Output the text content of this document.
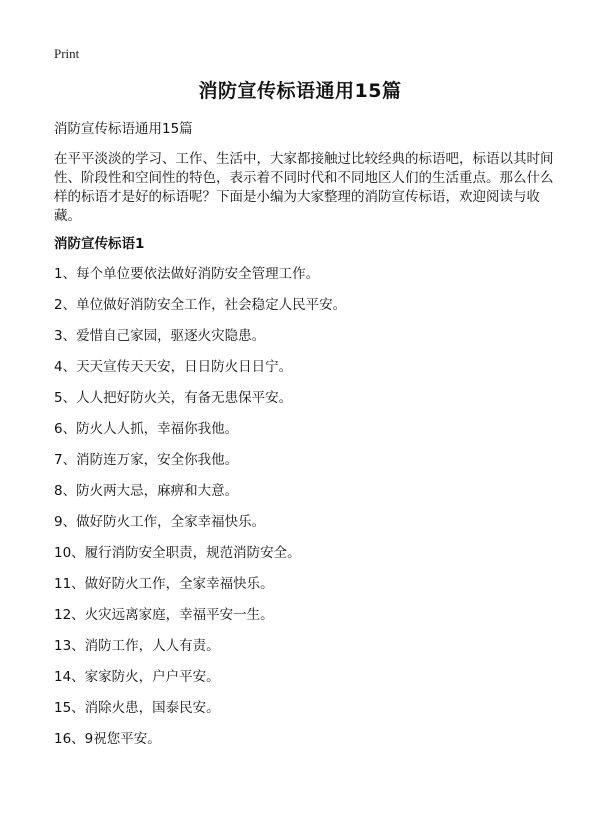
Print
消防宣传标语通用15篇

消防宣传标语通用15篇

在平平淡淡的学习、工作、生活中，大家都接触过比较经典的标语吧，标语以其时间性、阶段性和空间性的特色，表示着不同时代和不同地区人们的生活重点。那么什么样的标语才是好的标语呢？下面是小编为大家整理的消防宣传标语，欢迎阅读与收藏。

消防宣传标语1
1、每个单位要依法做好消防安全管理工作。
2、单位做好消防安全工作，社会稳定人民平安。
3、爱惜自己家园，驱逐火灾隐患。
4、天天宣传天天安，日日防火日日宁。
5、人人把好防火关，有备无患保平安。
6、防火人人抓，幸福你我他。
7、消防连万家，安全你我他。
8、防火两大忌，麻痹和大意。
9、做好防火工作，全家幸福快乐。
10、履行消防安全职责，规范消防安全。
11、做好防火工作，全家幸福快乐。
12、火灾远离家庭，幸福平安一生。
13、消防工作，人人有责。
14、家家防火，户户平安。
15、消除火患，国泰民安。
16、9祝您平安。
